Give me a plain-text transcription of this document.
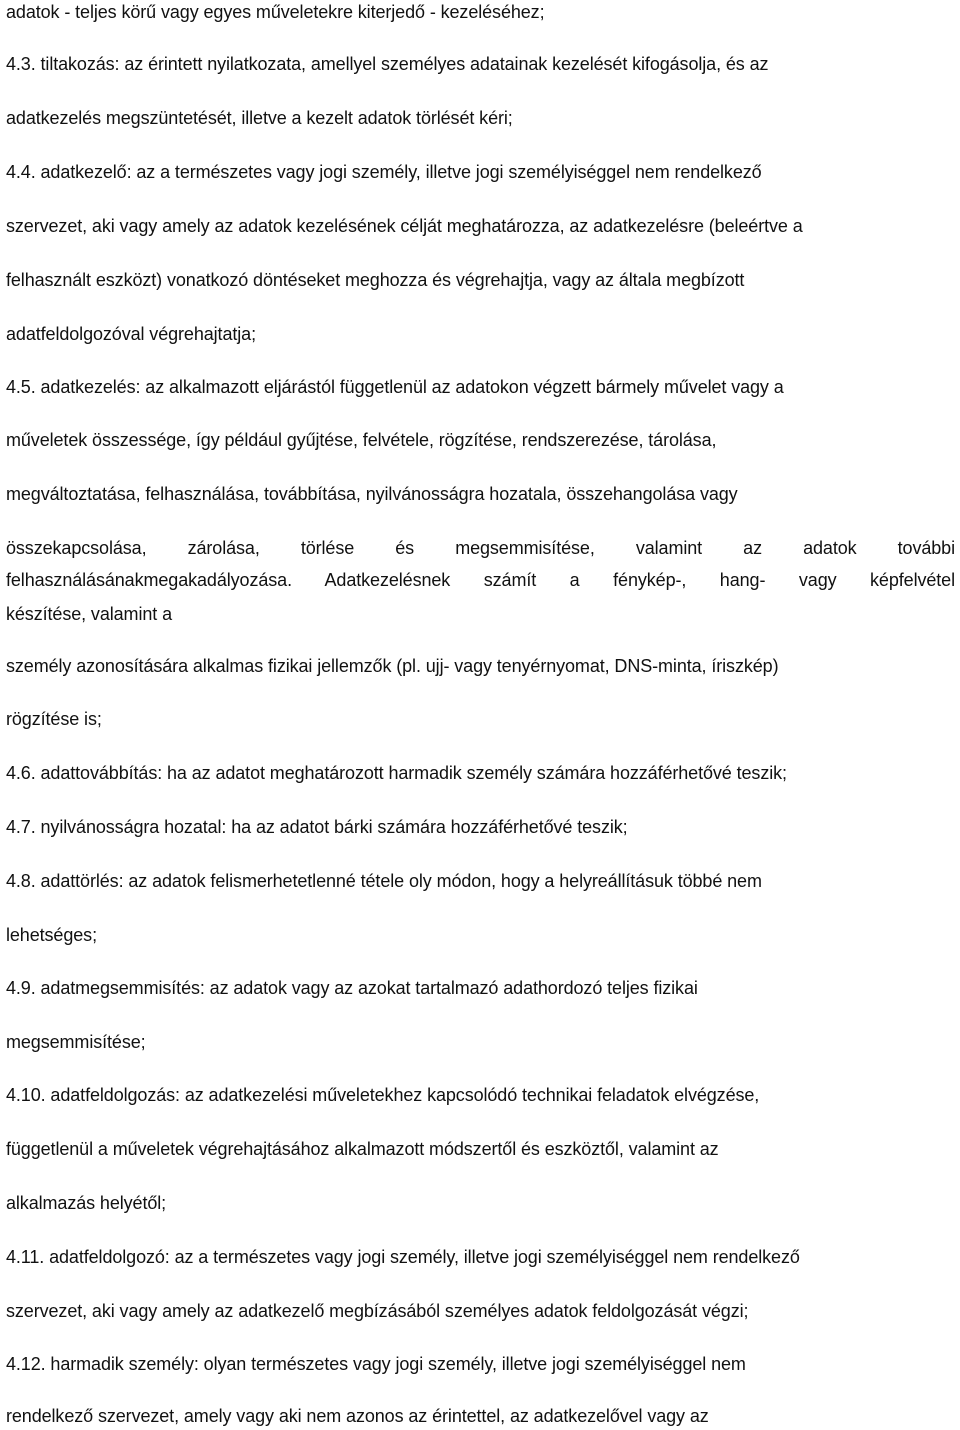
adatok - teljes körű vagy egyes műveletekre kiterjedő - kezeléséhez;
4.3. tiltakozás: az érintett nyilatkozata, amellyel személyes adatainak kezelését kifogásolja, és az
adatkezelés megszüntetését, illetve a kezelt adatok törlését kéri;
4.4. adatkezelő: az a természetes vagy jogi személy, illetve jogi személyiséggel nem rendelkező
szervezet, aki vagy amely az adatok kezelésének célját meghatározza, az adatkezelésre (beleértve a
felhasznált eszközt) vonatkozó döntéseket meghozza és végrehajtja, vagy az általa megbízott
adatfeldolgozóval végrehajtatja;
4.5. adatkezelés: az alkalmazott eljárástól függetlenül az adatokon végzett bármely művelet vagy a
műveletek összessége, így például gyűjtése, felvétele, rögzítése, rendszerezése, tárolása,
megváltoztatása, felhasználása, továbbítása, nyilvánosságra hozatala, összehangolása vagy
összekapcsolása, zárolása, törlése és megsemmisítése, valamint az adatok további
felhasználásánakmegakadályozása. Adatkezelésnek számít a fénykép-, hang- vagy képfelvétel
készítése, valamint a
személy azonosítására alkalmas fizikai jellemzők (pl. ujj- vagy tenyérnyomat, DNS-minta, íriszkép)
rögzítése is;
4.6. adattovábbítás: ha az adatot meghatározott harmadik személy számára hozzáférhetővé teszik;
4.7. nyilvánosságra hozatal: ha az adatot bárki számára hozzáférhetővé teszik;
4.8. adattörlés: az adatok felismerhetetlenné tétele oly módon, hogy a helyreállításuk többé nem
lehetséges;
4.9. adatmegsemmisítés: az adatok vagy az azokat tartalmazó adathordozó teljes fizikai
megsemmisítése;
4.10. adatfeldolgozás: az adatkezelési műveletekhez kapcsolódó technikai feladatok elvégzése,
függetlenül a műveletek végrehajtásához alkalmazott módszertől és eszköztől, valamint az
alkalmazás helyétől;
4.11. adatfeldolgozó: az a természetes vagy jogi személy, illetve jogi személyiséggel nem rendelkező
szervezet, aki vagy amely az adatkezelő megbízásából személyes adatok feldolgozását végzi;
4.12. harmadik személy: olyan természetes vagy jogi személy, illetve jogi személyiséggel nem
rendelkező szervezet, amely vagy aki nem azonos az érintettel, az adatkezelővel vagy az
